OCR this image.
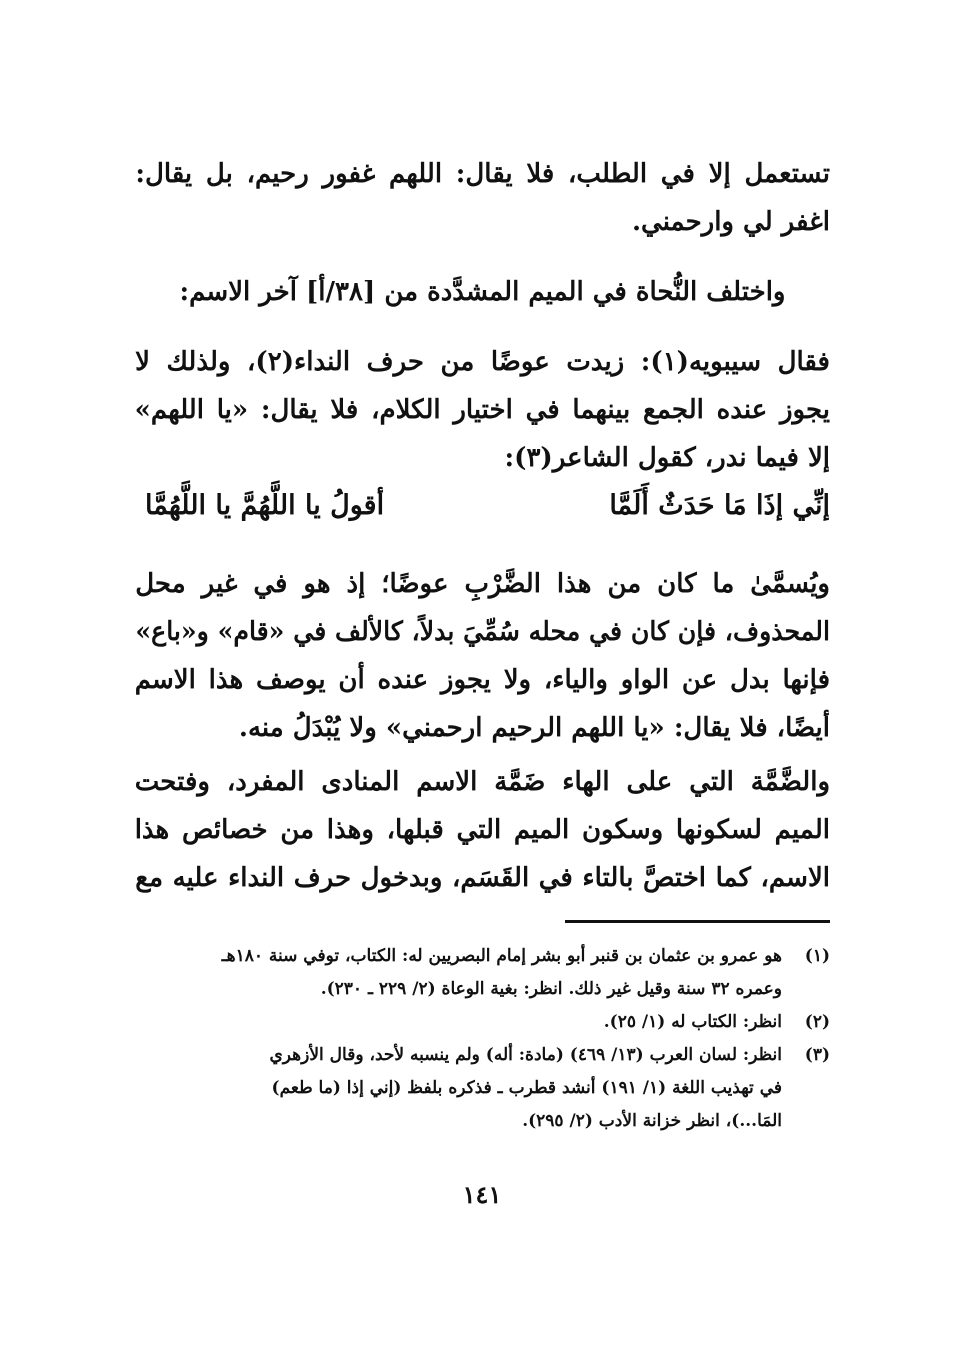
تستعمل إلا في الطلب، فلا يقال: اللهم غفور رحيم، بل يقال:
اغفر لي وارحمني.

واختلف النُّحاة في الميم المشدَّدة من [٣٨/أ] آخر الاسم:

فقال سيبويه(١): زيدت عوضًا من حرف النداء(٢)، ولذلك لا
يجوز عنده الجمع بينهما في اختيار الكلام، فلا يقال: «يا اللهم»
إلا فيما ندر، كقول الشاعر(٣):

إنِّي إذَا مَا حَدَثٌ أَلَمَّا
أقولُ يا اللَّهُمَّ يا اللَّهُمَّا

ويُسمَّىٰ ما كان من هذا الضَّرْبِ عوضًا؛ إذ هو في غير محل
المحذوف، فإن كان في محله سُمِّيَ بدلاً، كالألف في «قام» و«باع»
فإنها بدل عن الواو والياء، ولا يجوز عنده أن يوصف هذا الاسم
أيضًا، فلا يقال: «يا اللهم الرحيم ارحمني» ولا يُبْدَلُ منه.

والضَّمَّة التي على الهاء ضَمَّة الاسم المنادى المفرد، وفتحت
الميم لسكونها وسكون الميم التي قبلها، وهذا من خصائص هذا
الاسم، كما اختصَّ بالتاء في القَسَم، وبدخول حرف النداء عليه مع

(١)
هو عمرو بن عثمان بن قنبر أبو بشر إمام البصريين له: الكتاب، توفي سنة ١٨٠هـ
وعمره ٣٢ سنة وقيل غير ذلك. انظر: بغية الوعاة (٢/ ٢٢٩ ـ ٢٣٠).
(٢)
انظر: الكتاب له (١/ ٢٥).
(٣)
انظر: لسان العرب (١٣/ ٤٦٩) (مادة: أله) ولم ينسبه لأحد، وقال الأزهري
في تهذيب اللغة (١/ ١٩١) أنشد قطرب ـ فذكره بلفظ (إني إذا (ما طعم)
المَا...)، انظر خزانة الأدب (٢/ ٢٩٥).
١٤١
